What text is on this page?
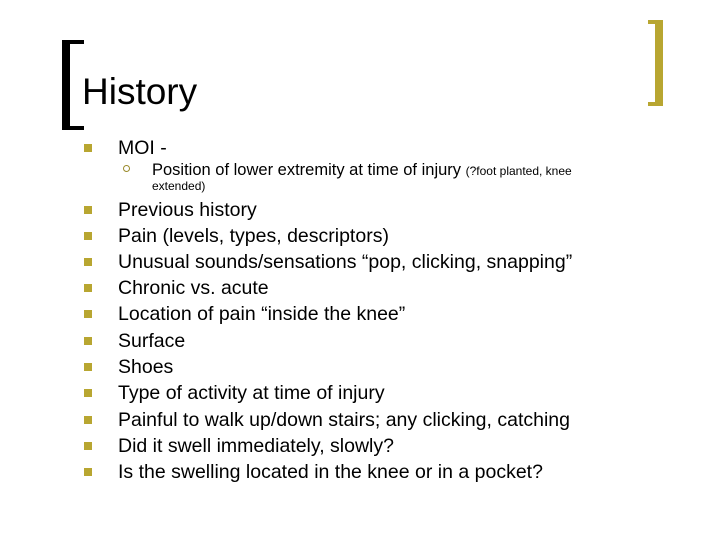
History
MOI -
Position of lower extremity at time of injury (?foot planted, knee
extended)
Previous history
Pain (levels, types, descriptors)
Unusual sounds/sensations “pop, clicking, snapping”
Chronic vs. acute
Location of pain “inside the knee”
Surface
Shoes
Type of activity at time of injury
Painful to walk up/down stairs; any clicking, catching
Did it swell immediately, slowly?
Is the swelling located in the knee or in a pocket?
